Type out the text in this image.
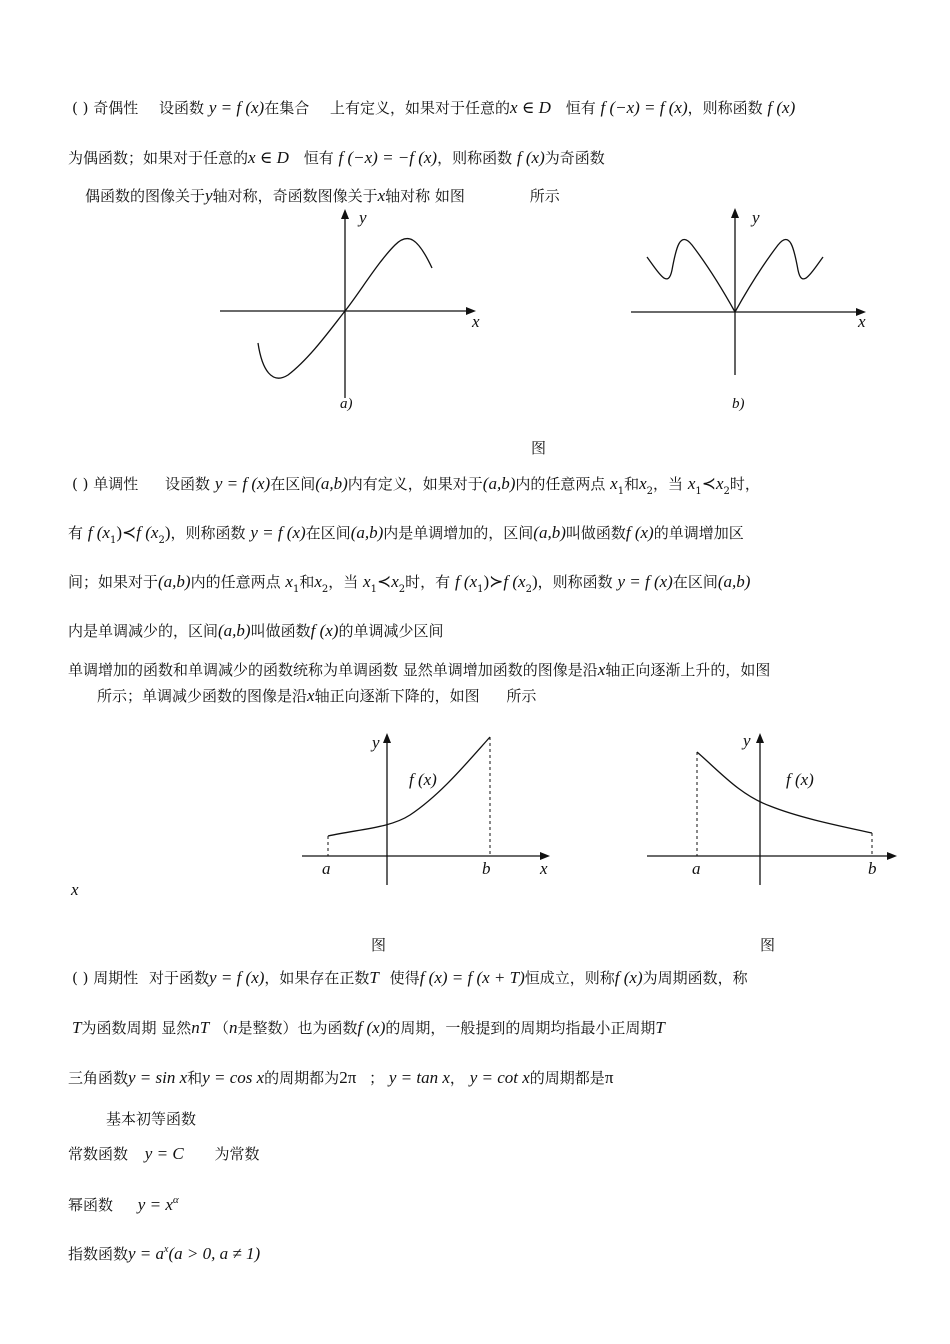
( ) 奇偶性 设函数 y = f (x)在集合 上有定义，如果对于任意的x ∈ D 恒有 f (−x) = f (x)，则称函数 f (x)
为偶函数；如果对于任意的x ∈ D 恒有 f (−x) = −f (x)，则称函数 f (x)为奇函数
偶函数的图像关于y轴对称，奇函数图像关于x轴对称 如图	所示
y
x
a)
y
x
b)
图
( ) 单调性 设函数 y = f (x)在区间(a,b)内有定义，如果对于(a,b)内的任意两点 $x_1$和$x_2$，当 $x_1≺x_2$时，
有 f $(x_1)≺f$ $(x_2)$，则称函数 y = f (x)在区间(a,b)内是单调增加的，区间(a,b)叫做函数f (x)的单调增加区
间；如果对于(a,b)内的任意两点 $x_1$和$x_2$，当 $x_1≺x_2$时，有 f $(x_1)≻f$ $(x_2)$，则称函数 y = f (x)在区间(a,b)
内是单调减少的，区间(a,b)叫做函数f (x)的单调减少区间
单调增加的函数和单调减少的函数统称为单调函数 显然单调增加函数的图像是沿x轴正向逐渐上升的，如图
所示；单调减少函数的图像是沿x轴正向逐渐下降的，如图 所示
y
f (x)
a	b	x
y
f (x)
a	b
x
图	图
( ) 周期性 对于函数y = f (x)，如果存在正数T 使得f (x) = f (x + T)恒成立，则称f (x)为周期函数，称
T为函数周期 显然nT （n是整数）也为函数f (x)的周期，一般提到的周期均指最小正周期T
三角函数y = sin x和y = cos x的周期都为2π ； y = tan x， y = cot x的周期都是π
基本初等函数
常数函数 y = C 为常数
幂函数 $y = x^\alpha$
指数函数$y = a^x(a > 0$, a ≠ 1)
